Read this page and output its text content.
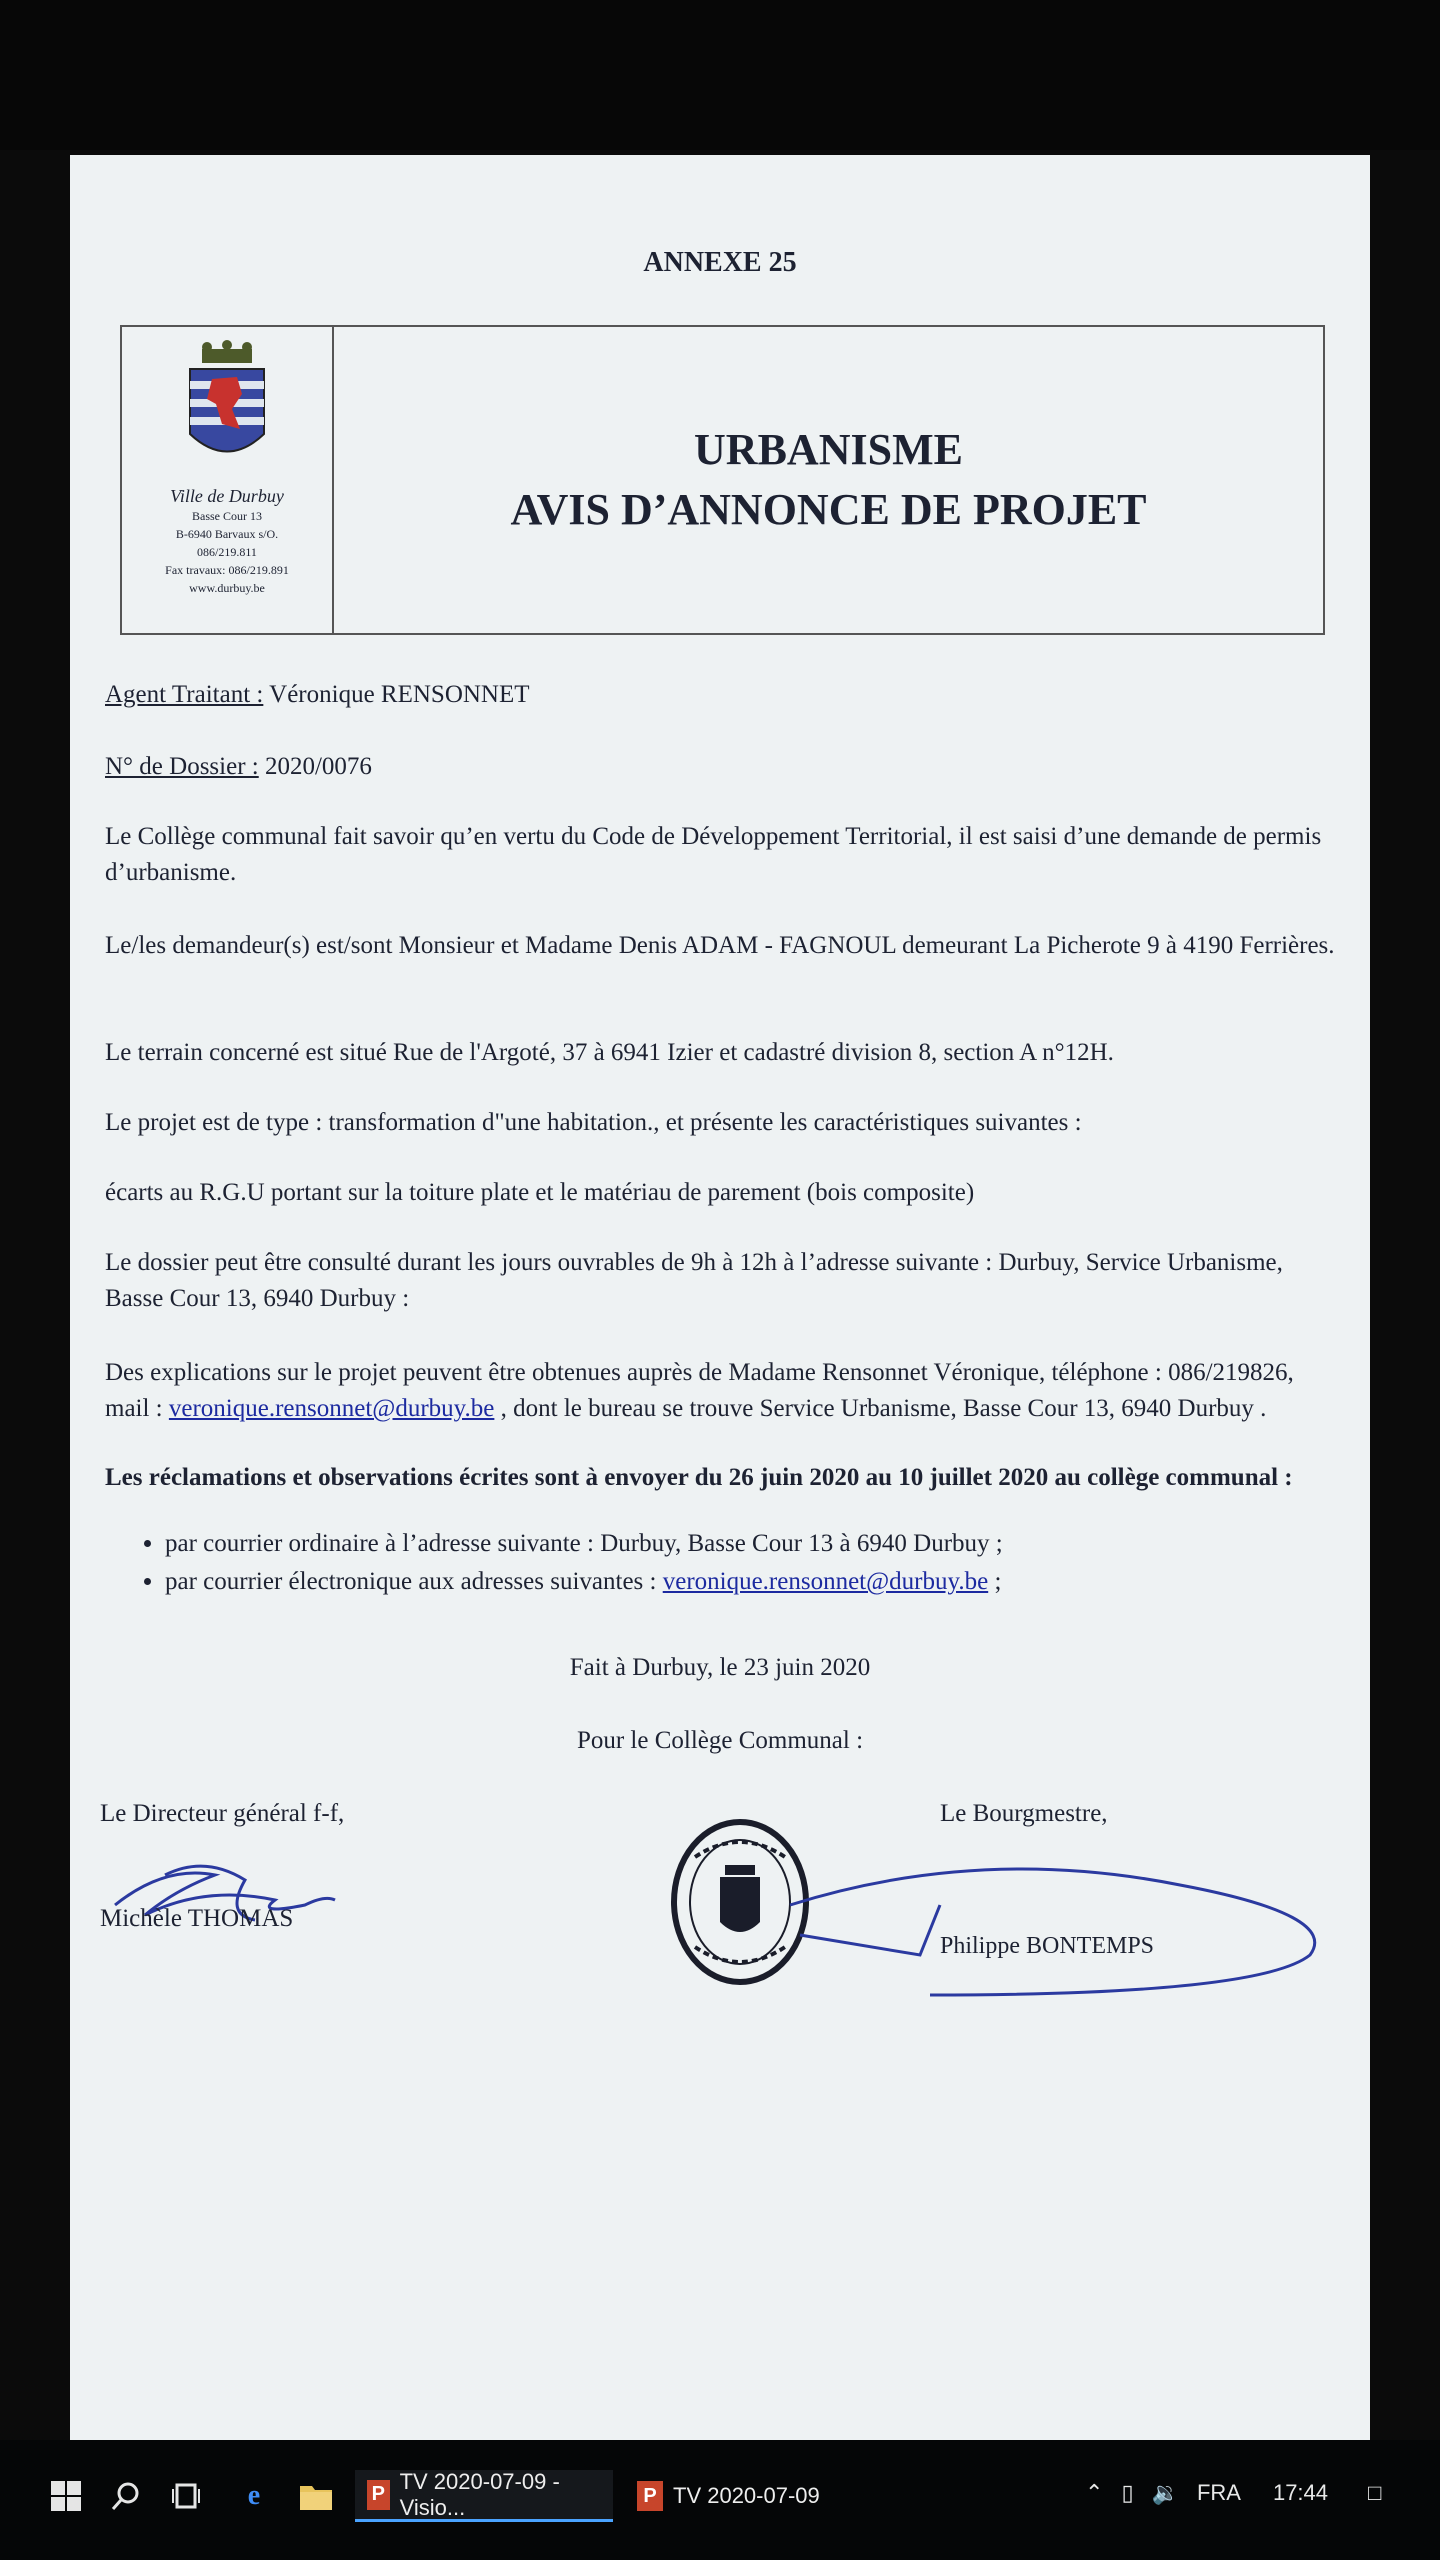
ANNEXE 25
Ville de Durbuy
Basse Cour 13
B-6940 Barvaux s/O.
086/219.811
Fax travaux: 086/219.891
www.durbuy.be
URBANISME
AVIS D’ANNONCE DE PROJET
Agent Traitant : Véronique RENSONNET
N° de Dossier : 2020/0076
Le Collège communal fait savoir qu’en vertu du Code de Développement Territorial, il est saisi d’une demande de permis d’urbanisme.
Le/les demandeur(s) est/sont Monsieur et Madame Denis ADAM - FAGNOUL demeurant La Picherote 9 à 4190 Ferrières.
Le terrain concerné est situé Rue de l'Argoté, 37 à 6941 Izier et cadastré division 8, section A n°12H.
Le projet est de type : transformation d"une habitation., et présente les caractéristiques suivantes :
écarts au R.G.U portant sur la toiture plate et le matériau de parement (bois composite)
Le dossier peut être consulté durant les jours ouvrables de 9h à 12h à l’adresse suivante : Durbuy, Service Urbanisme, Basse Cour 13, 6940 Durbuy :
Des explications sur le projet peuvent être obtenues auprès de Madame Rensonnet Véronique, téléphone : 086/219826, mail : veronique.rensonnet@durbuy.be , dont le bureau se trouve Service Urbanisme, Basse Cour 13, 6940 Durbuy .
Les réclamations et observations écrites sont à envoyer du 26 juin 2020 au 10 juillet 2020 au collège communal :
• par courrier ordinaire à l’adresse suivante : Durbuy, Basse Cour 13 à 6940 Durbuy ;
• par courrier électronique aux adresses suivantes : veronique.rensonnet@durbuy.be ;
Fait à Durbuy, le 23 juin 2020
Pour le Collège Communal :
Le Directeur général f-f,	Le Bourgmestre,
Michèle THOMAS
Philippe BONTEMPS
e	P
TV 2020-07-09 - Visio...	P TV 2020-07-09	⌃ ▯ 🔉 FRA 17:44 □
